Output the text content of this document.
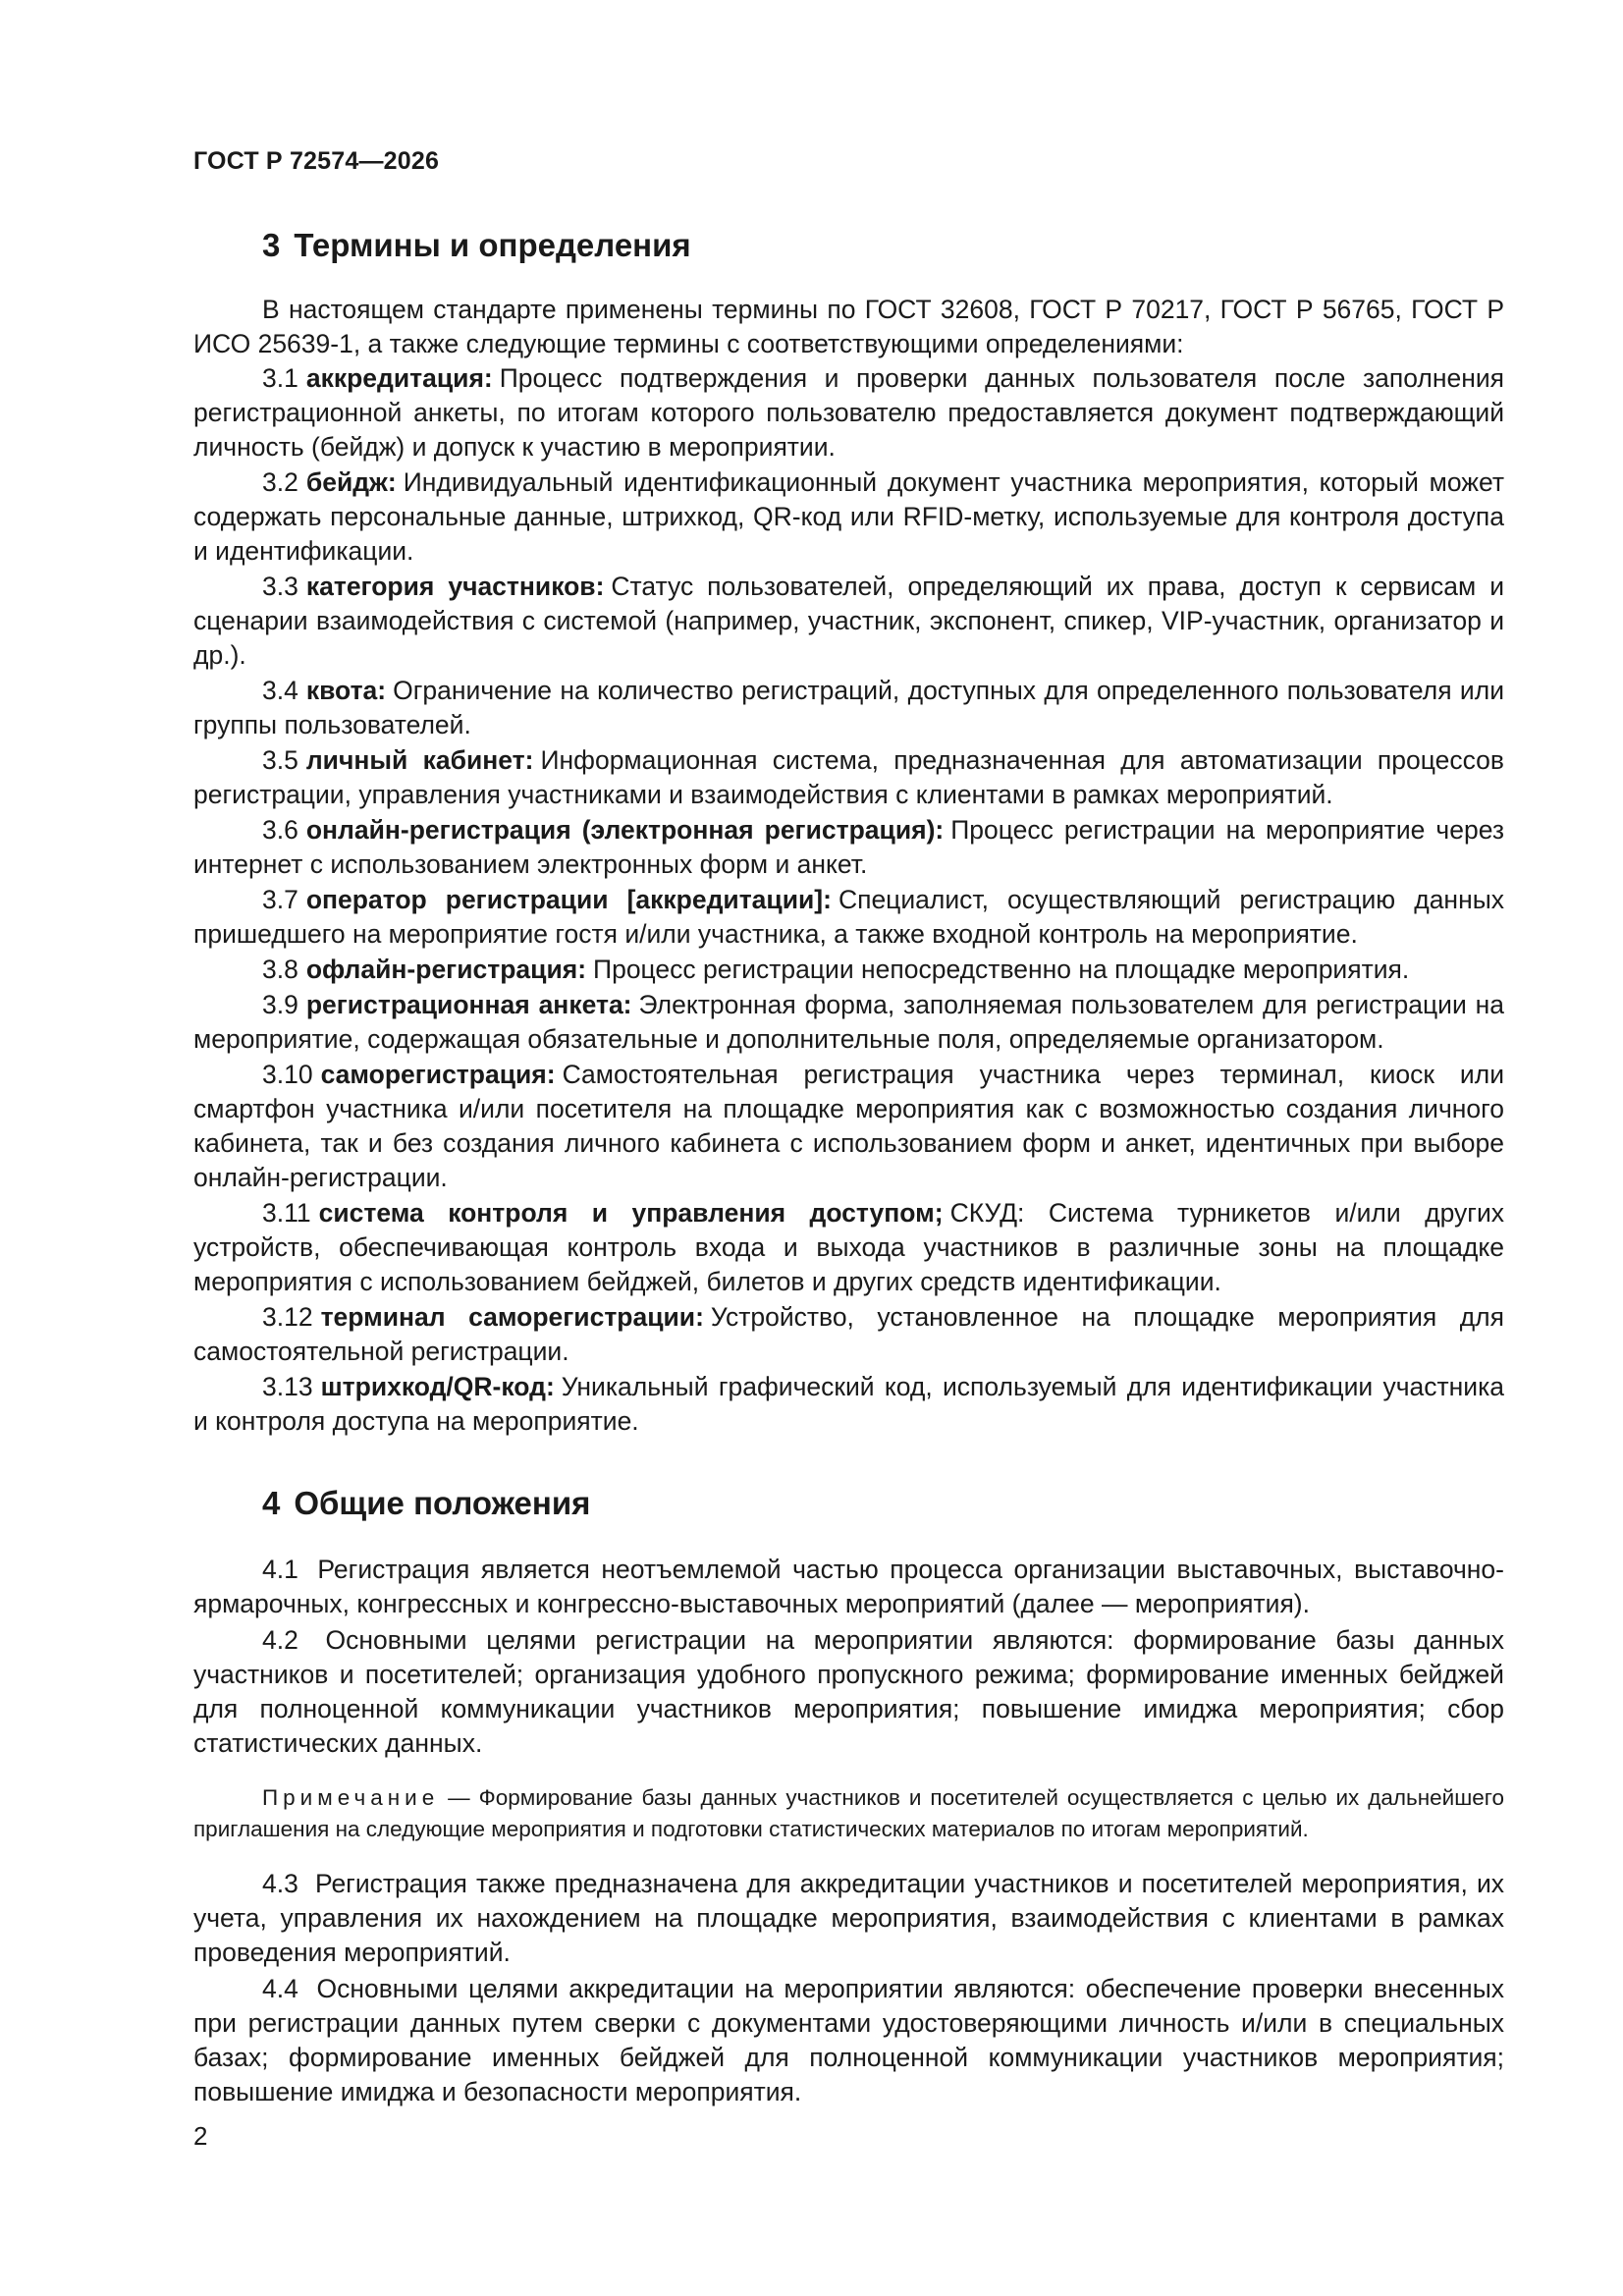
ГОСТ Р 72574—2026
3 Термины и определения

В настоящем стандарте применены термины по ГОСТ 32608, ГОСТ Р 70217, ГОСТ Р 56765, ГОСТ Р ИСО 25639-1, а также следующие термины с соответствующими определениями:

3.1 аккредитация: Процесс подтверждения и проверки данных пользователя после заполнения регистрационной анкеты, по итогам которого пользователю предоставляется документ подтверждающий личность (бейдж) и допуск к участию в мероприятии.

3.2 бейдж: Индивидуальный идентификационный документ участника мероприятия, который может содержать персональные данные, штрихкод, QR-код или RFID-метку, используемые для контроля доступа и идентификации.

3.3 категория участников: Статус пользователей, определяющий их права, доступ к сервисам и сценарии взаимодействия с системой (например, участник, экспонент, спикер, VIP-участник, организатор и др.).

3.4 квота: Ограничение на количество регистраций, доступных для определенного пользователя или группы пользователей.

3.5 личный кабинет: Информационная система, предназначенная для автоматизации процессов регистрации, управления участниками и взаимодействия с клиентами в рамках мероприятий.

3.6 онлайн-регистрация (электронная регистрация): Процесс регистрации на мероприятие через интернет с использованием электронных форм и анкет.

3.7 оператор регистрации [аккредитации]: Специалист, осуществляющий регистрацию данных пришедшего на мероприятие гостя и/или участника, а также входной контроль на мероприятие.

3.8 офлайн-регистрация: Процесс регистрации непосредственно на площадке мероприятия.

3.9 регистрационная анкета: Электронная форма, заполняемая пользователем для регистрации на мероприятие, содержащая обязательные и дополнительные поля, определяемые организатором.

3.10 саморегистрация: Самостоятельная регистрация участника через терминал, киоск или смартфон участника и/или посетителя на площадке мероприятия как с возможностью создания личного кабинета, так и без создания личного кабинета с использованием форм и анкет, идентичных при выборе онлайн-регистрации.

3.11 система контроля и управления доступом; СКУД: Система турникетов и/или других устройств, обеспечивающая контроль входа и выхода участников в различные зоны на площадке мероприятия с использованием бейджей, билетов и других средств идентификации.

3.12 терминал саморегистрации: Устройство, установленное на площадке мероприятия для самостоятельной регистрации.

3.13 штрихкод/QR-код: Уникальный графический код, используемый для идентификации участника и контроля доступа на мероприятие.

4 Общие положения

4.1 Регистрация является неотъемлемой частью процесса организации выставочных, выставочно-ярмарочных, конгрессных и конгрессно-выставочных мероприятий (далее — мероприятия).

4.2 Основными целями регистрации на мероприятии являются: формирование базы данных участников и посетителей; организация удобного пропускного режима; формирование именных бейджей для полноценной коммуникации участников мероприятия; повышение имиджа мероприятия; сбор статистических данных.

Примечание — Формирование базы данных участников и посетителей осуществляется с целью их дальнейшего приглашения на следующие мероприятия и подготовки статистических материалов по итогам мероприятий.

4.3 Регистрация также предназначена для аккредитации участников и посетителей мероприятия, их учета, управления их нахождением на площадке мероприятия, взаимодействия с клиентами в рамках проведения мероприятий.

4.4 Основными целями аккредитации на мероприятии являются: обеспечение проверки внесенных при регистрации данных путем сверки с документами удостоверяющими личность и/или в специальных базах; формирование именных бейджей для полноценной коммуникации участников мероприятия; повышение имиджа и безопасности мероприятия.

2
